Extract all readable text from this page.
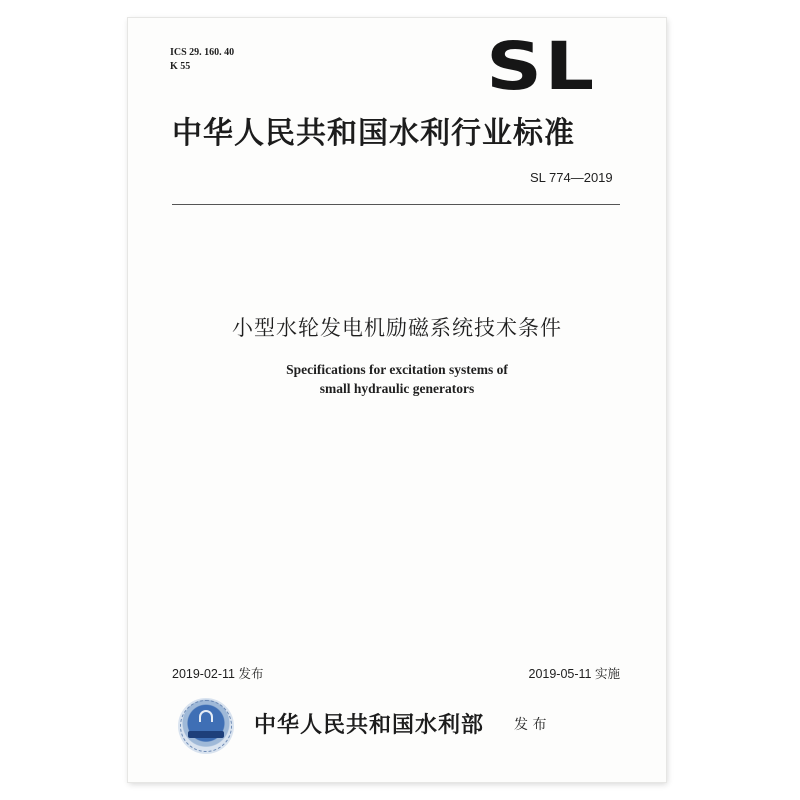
ICS 29. 160. 40
K 55	SL
中华人民共和国水利行业标准
SL 774—2019
小型水轮发电机励磁系统技术条件
Specifications for excitation systems of
small hydraulic generators
2019-02-11 发布	2019-05-11 实施
中华人民共和国水利部 发 布
